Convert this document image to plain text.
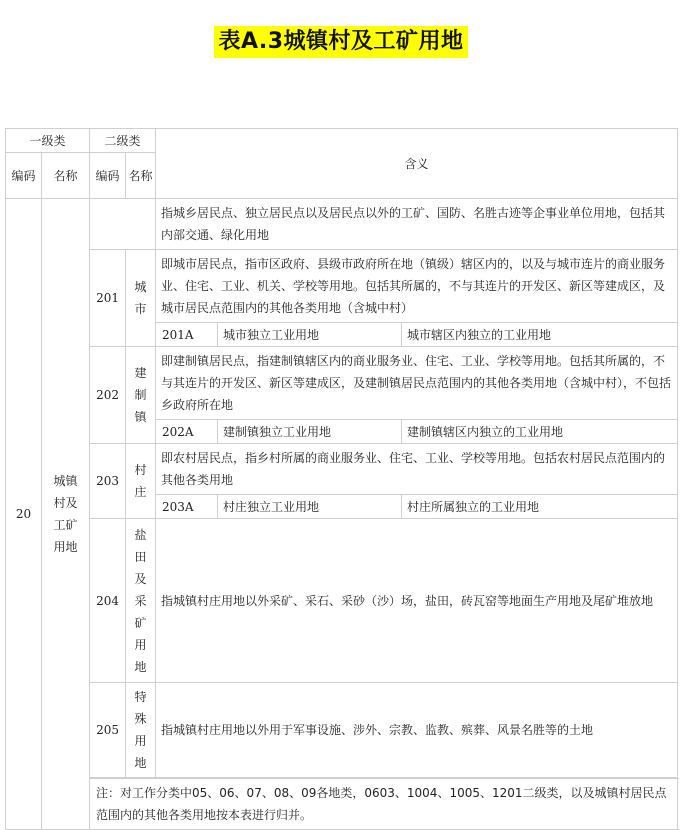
表A.3城镇村及工矿用地
一级类		二级类		含义		
编码	名称	编码	名称			
20	城镇村及工矿用地			指城乡居民点、独立居民点以及居民点以外的工矿、国防、名胜古迹等企事业单位用地，包括其内部交通、绿化用地		
		201	城市	即城市居民点，指市区政府、县级市政府所在地（镇级）辖区内的，以及与城市连片的商业服务业、住宅、工业、机关、学校等用地。包括其所属的，不与其连片的开发区、新区等建成区，及城市居民点范围内的其他各类用地（含城中村）		
				201A	城市独立工业用地	城市辖区内独立的工业用地
		202	建制镇	即建制镇居民点，指建制镇辖区内的商业服务业、住宅、工业、学校等用地。包括其所属的，不与其连片的开发区、新区等建成区，及建制镇居民点范围内的其他各类用地（含城中村），不包括乡政府所在地		
				202A	建制镇独立工业用地	建制镇辖区内独立的工业用地
		203	村庄	即农村居民点，指乡村所属的商业服务业、住宅、工业、学校等用地。包括农村居民点范围内的其他各类用地		
				203A	村庄独立工业用地	村庄所属独立的工业用地
		204	盐田及采矿用地	指城镇村庄用地以外采矿、采石、采砂（沙）场，盐田，砖瓦窑等地面生产用地及尾矿堆放地		
		205	特殊用地	指城镇村庄用地以外用于军事设施、涉外、宗教、监教、殡葬、风景名胜等的土地		

		注：对工作分类中05、06、07、08、09各地类，0603、1004、1005、1201二级类，以及城镇村居民点范围内的其他各类用地按本表进行归并。				
